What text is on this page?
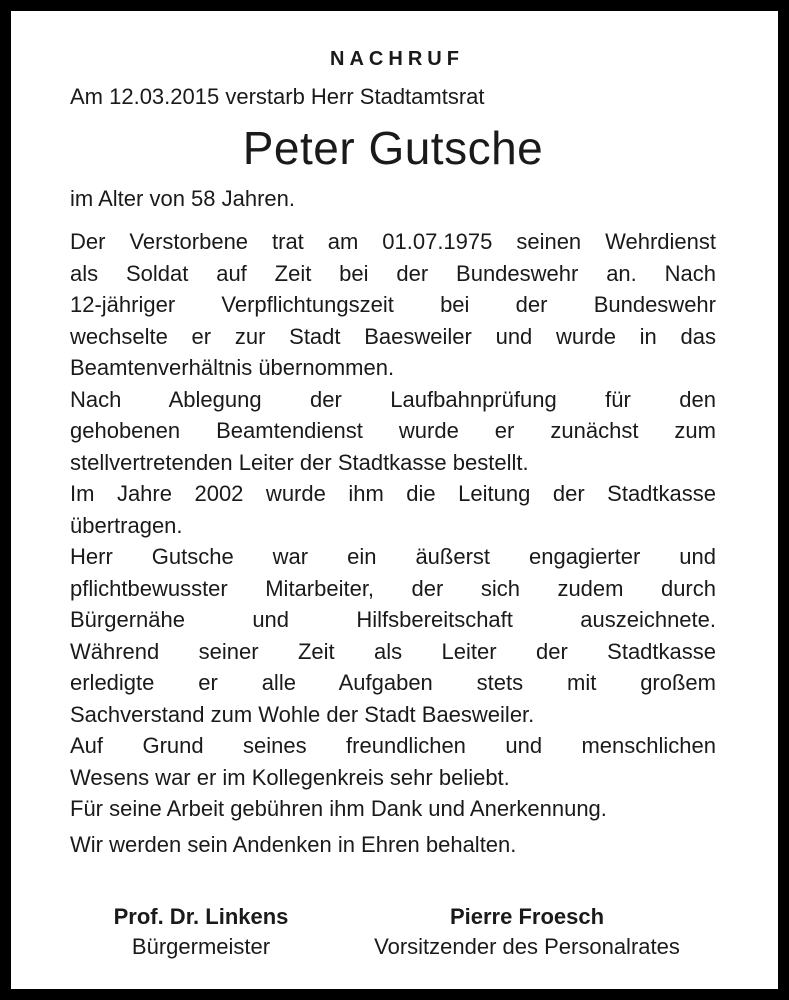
NACHRUF
Am 12.03.2015 verstarb Herr Stadtamtsrat
Peter Gutsche
im Alter von 58 Jahren.
Der Verstorbene trat am 01.07.1975 seinen Wehrdienst
als Soldat auf Zeit bei der Bundeswehr an. Nach
12-jähriger Verpflichtungszeit bei der Bundeswehr
wechselte er zur Stadt Baesweiler und wurde in das
Beamtenverhältnis übernommen.
Nach Ablegung der Laufbahnprüfung für den
gehobenen Beamtendienst wurde er zunächst zum
stellvertretenden Leiter der Stadtkasse bestellt.
Im Jahre 2002 wurde ihm die Leitung der Stadtkasse
übertragen.
Herr Gutsche war ein äußerst engagierter und
pflichtbewusster Mitarbeiter, der sich zudem durch
Bürgernähe und Hilfsbereitschaft auszeichnete.
Während seiner Zeit als Leiter der Stadtkasse
erledigte er alle Aufgaben stets mit großem
Sachverstand zum Wohle der Stadt Baesweiler.
Auf Grund seines freundlichen und menschlichen
Wesens war er im Kollegenkreis sehr beliebt.
Für seine Arbeit gebühren ihm Dank und Anerkennung.
Wir werden sein Andenken in Ehren behalten.
Prof. Dr. Linkens
Bürgermeister
Pierre Froesch
Vorsitzender des Personalrates
